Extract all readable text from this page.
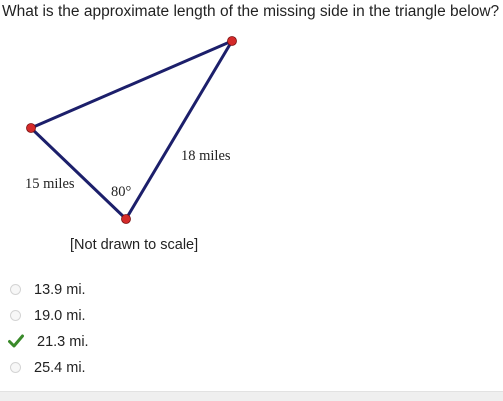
What is the approximate length of the missing side in the triangle below?
18 miles
15 miles	80°
[Not drawn to scale]
13.9 mi.
19.0 mi.
21.3 mi.
25.4 mi.
